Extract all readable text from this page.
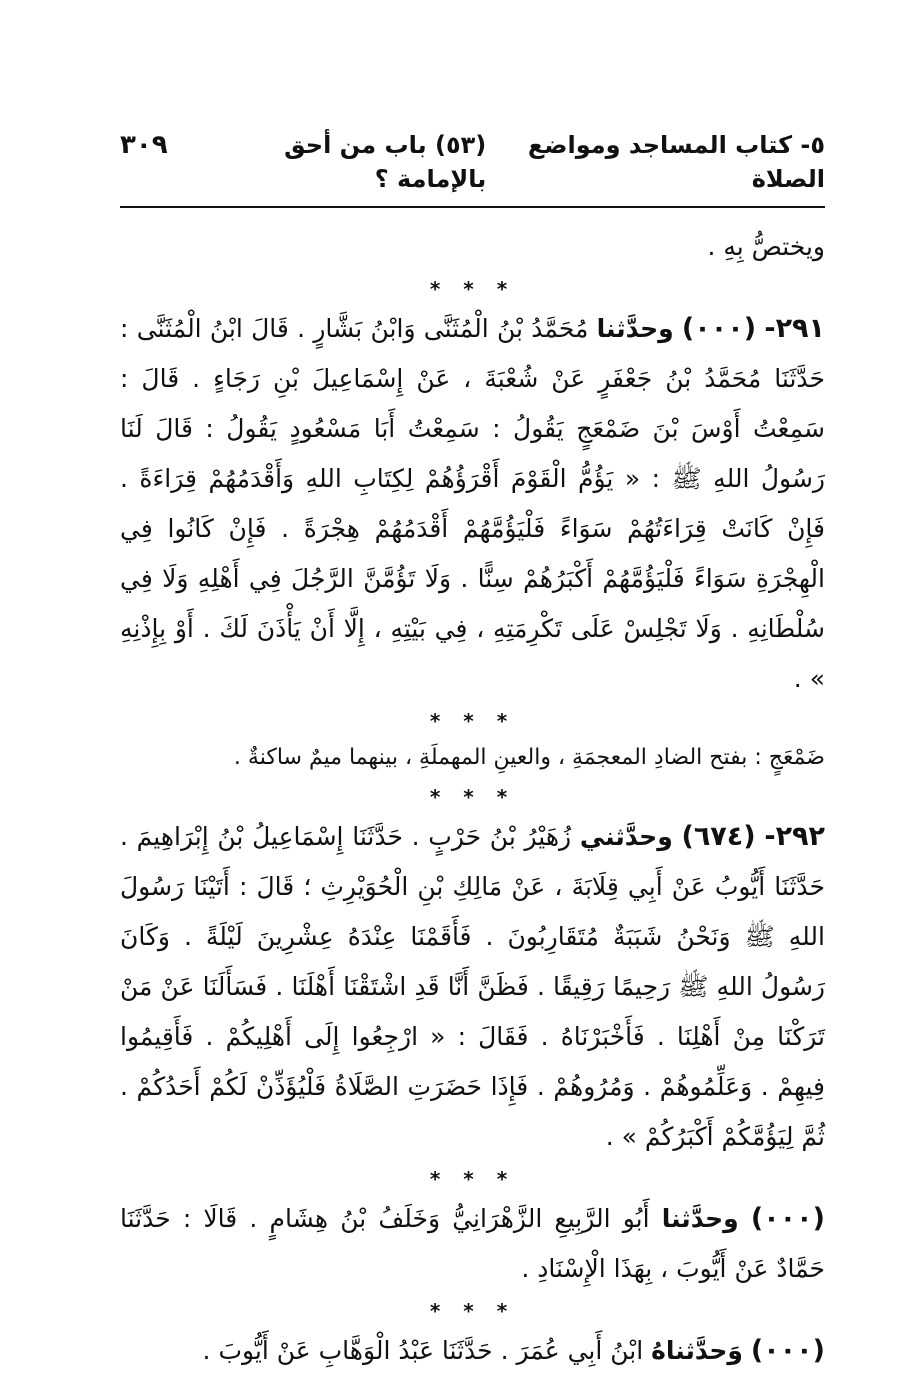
٥- كتاب المساجد ومواضع الصلاة
(٥٣) باب من أحق بالإمامة ؟
٣٠٩

ويختصُّ بِهِ .

* * *

٢٩١- (٠٠٠) وحدَّثنا مُحَمَّدُ بْنُ الْمُثَنَّى وَابْنُ بَشَّارٍ . قَالَ ابْنُ الْمُثَنَّى : حَدَّثَنَا مُحَمَّدُ بْنُ جَعْفَرٍ عَنْ شُعْبَةَ ، عَنْ إِسْمَاعِيلَ بْنِ رَجَاءٍ . قَالَ : سَمِعْتُ أَوْسَ بْنَ ضَمْعَجٍ يَقُولُ : سَمِعْتُ أَبَا مَسْعُودٍ يَقُولُ : قَالَ لَنَا رَسُولُ اللهِ ﷺ : « يَؤُمُّ الْقَوْمَ أَقْرَؤُهُمْ لِكِتَابِ اللهِ وَأَقْدَمُهُمْ قِرَاءَةً . فَإِنْ كَانَتْ قِرَاءَتُهُمْ سَوَاءً فَلْيَؤُمَّهُمْ أَقْدَمُهُمْ هِجْرَةً . فَإِنْ كَانُوا فِي الْهِجْرَةِ سَوَاءً فَلْيَؤُمَّهُمْ أَكْبَرُهُمْ سِنًّا . وَلَا تَؤُمَّنَّ الرَّجُلَ فِي أَهْلِهِ وَلَا فِي سُلْطَانِهِ . وَلَا تَجْلِسْ عَلَى تَكْرِمَتِهِ ، فِي بَيْتِهِ ، إِلَّا أَنْ يَأْذَنَ لَكَ . أَوْ بِإِذْنِهِ » .

* * *

ضَمْعَجٍ : بفتح الضادِ المعجمَةِ ، والعينِ المهملَةِ ، بينهما ميمٌ ساكنةٌ .

* * *

٢٩٢- (٦٧٤) وحدَّثني زُهَيْرُ بْنُ حَرْبٍ . حَدَّثَنَا إِسْمَاعِيلُ بْنُ إِبْرَاهِيمَ . حَدَّثَنَا أَيُّوبُ عَنْ أَبِي قِلَابَةَ ، عَنْ مَالِكِ بْنِ الْحُوَيْرِثِ ؛ قَالَ : أَتَيْنَا رَسُولَ اللهِ ﷺ وَنَحْنُ شَبَبَةٌ مُتَقَارِبُونَ . فَأَقَمْنَا عِنْدَهُ عِشْرِينَ لَيْلَةً . وَكَانَ رَسُولُ اللهِ ﷺ رَحِيمًا رَقِيقًا . فَظَنَّ أَنَّا قَدِ اشْتَقْنَا أَهْلَنَا . فَسَأَلَنَا عَنْ مَنْ تَرَكْنَا مِنْ أَهْلِنَا . فَأَخْبَرْنَاهُ . فَقَالَ : « ارْجِعُوا إِلَى أَهْلِيكُمْ . فَأَقِيمُوا فِيهِمْ . وَعَلِّمُوهُمْ . وَمُرُوهُمْ . فَإِذَا حَضَرَتِ الصَّلَاةُ فَلْيُؤَذِّنْ لَكُمْ أَحَدُكُمْ . ثُمَّ لِيَؤُمَّكُمْ أَكْبَرُكُمْ » .

* * *

(٠٠٠) وحدَّثنا أَبُو الرَّبِيعِ الزَّهْرَانِيُّ وَخَلَفُ بْنُ هِشَامٍ . قَالَا : حَدَّثَنَا حَمَّادٌ عَنْ أَيُّوبَ ، بِهَذَا الْإِسْنَادِ .

* * *

(٠٠٠) وَحدَّثناهُ ابْنُ أَبِي عُمَرَ . حَدَّثَنَا عَبْدُ الْوَهَّابِ عَنْ أَيُّوبَ .
